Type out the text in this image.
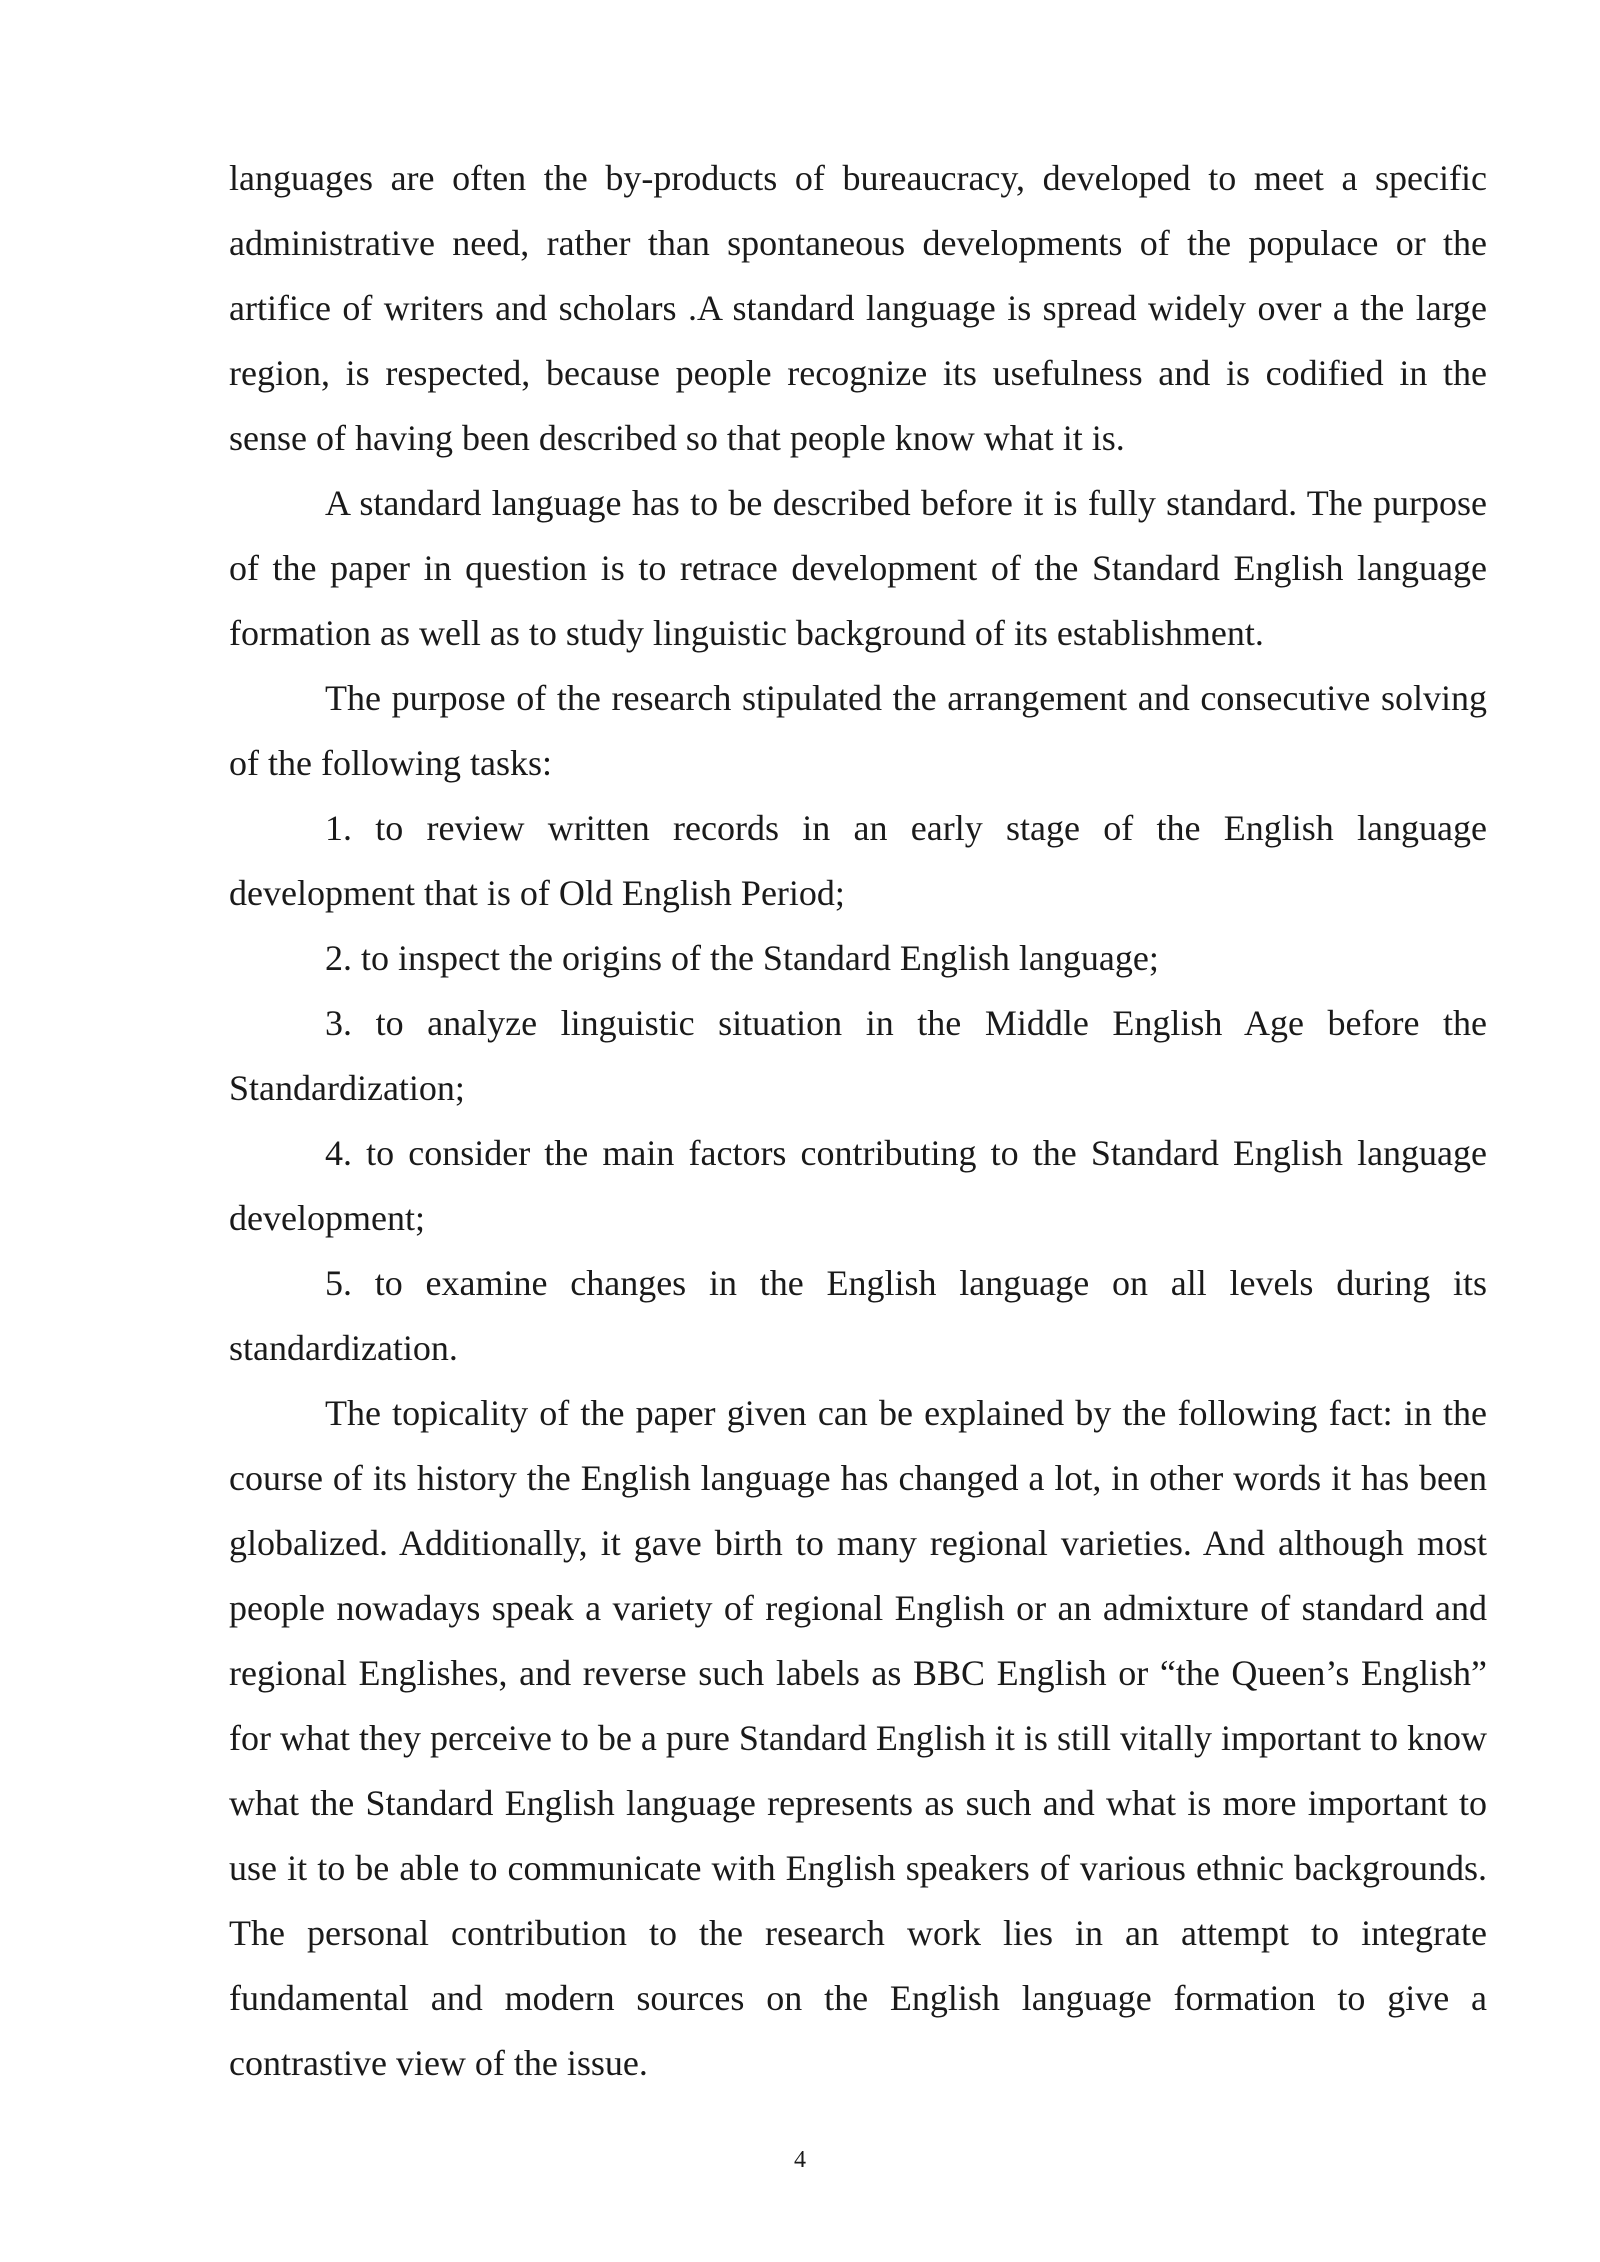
languages are often the by-products of bureaucracy, developed to meet a specific administrative need, rather than spontaneous developments of the populace or the artifice of writers and scholars .A standard language is spread widely over a the large region, is respected, because people recognize its usefulness and is codified in the sense of having been described so that people know what it is.

A standard language has to be described before it is fully standard. The purpose of the paper in question is to retrace development of the Standard English language formation as well as to study linguistic background of its establishment.

The purpose of the research stipulated the arrangement and consecutive solving of the following tasks:

1. to review written records in an early stage of the English language development that is of Old English Period;

2. to inspect the origins of the Standard English language;

3. to analyze linguistic situation in the Middle English Age before the Standardization;

4. to consider the main factors contributing to the Standard English language development;

5. to examine changes in the English language on all levels during its standardization.

The topicality of the paper given can be explained by the following fact: in the course of its history the English language has changed a lot, in other words it has been globalized. Additionally, it gave birth to many regional varieties. And although most people nowadays speak a variety of regional English or an admixture of standard and regional Englishes, and reverse such labels as BBC English or “the Queen’s English” for what they perceive to be a pure Standard English it is still vitally important to know what the Standard English language represents as such and what is more important to use it to be able to communicate with English speakers of various ethnic backgrounds. The personal contribution to the research work lies in an attempt to integrate fundamental and modern sources on the English language formation to give a contrastive view of the issue.

4
